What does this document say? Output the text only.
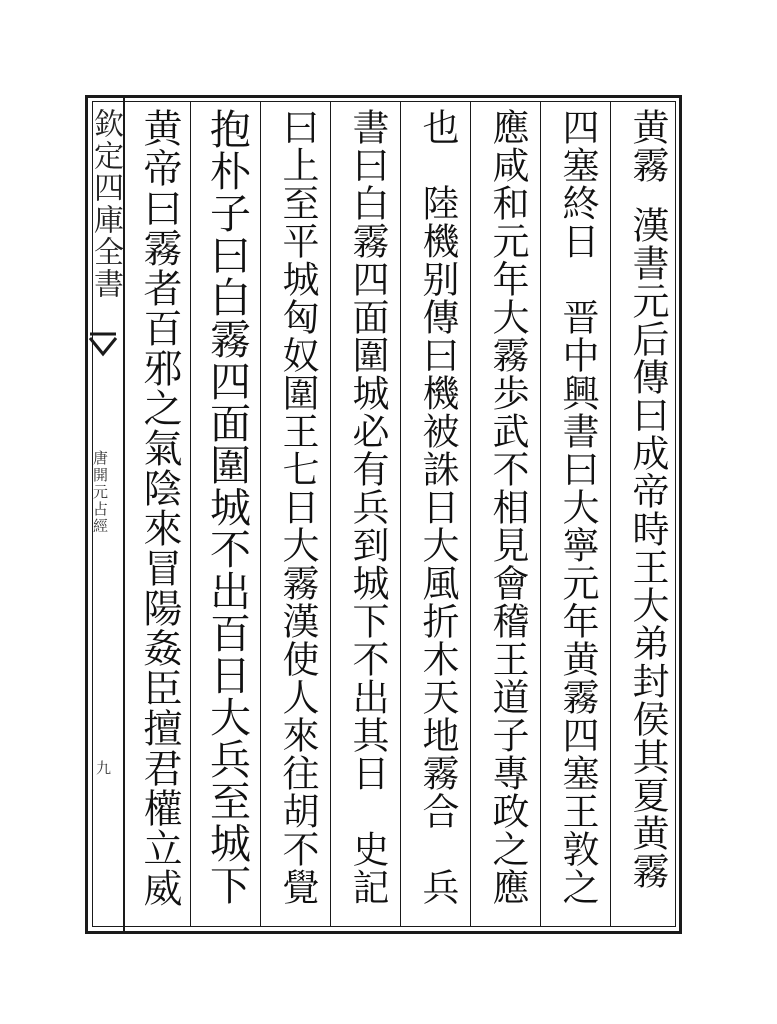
欽定四庫全書
唐開元占經
九
黄霧漢書元后傳曰成帝時王大弟封侯其夏黄霧
四塞終日　晋中興書曰大寧元年黄霧四塞王敦之
應咸和元年大霧歩武不相見會稽王道子專政之應
也　陸機别傳曰機被誅日大風折木天地霧合　兵
書曰白霧四面圍城必有兵到城下不出其日　史記
曰上至平城匈奴圍王七日大霧漢使人來往胡不覺
抱朴子曰白霧四面圍城不出百日大兵至城下
黄帝曰霧者百邪之氣陰來冒陽姦臣擅君權立威
